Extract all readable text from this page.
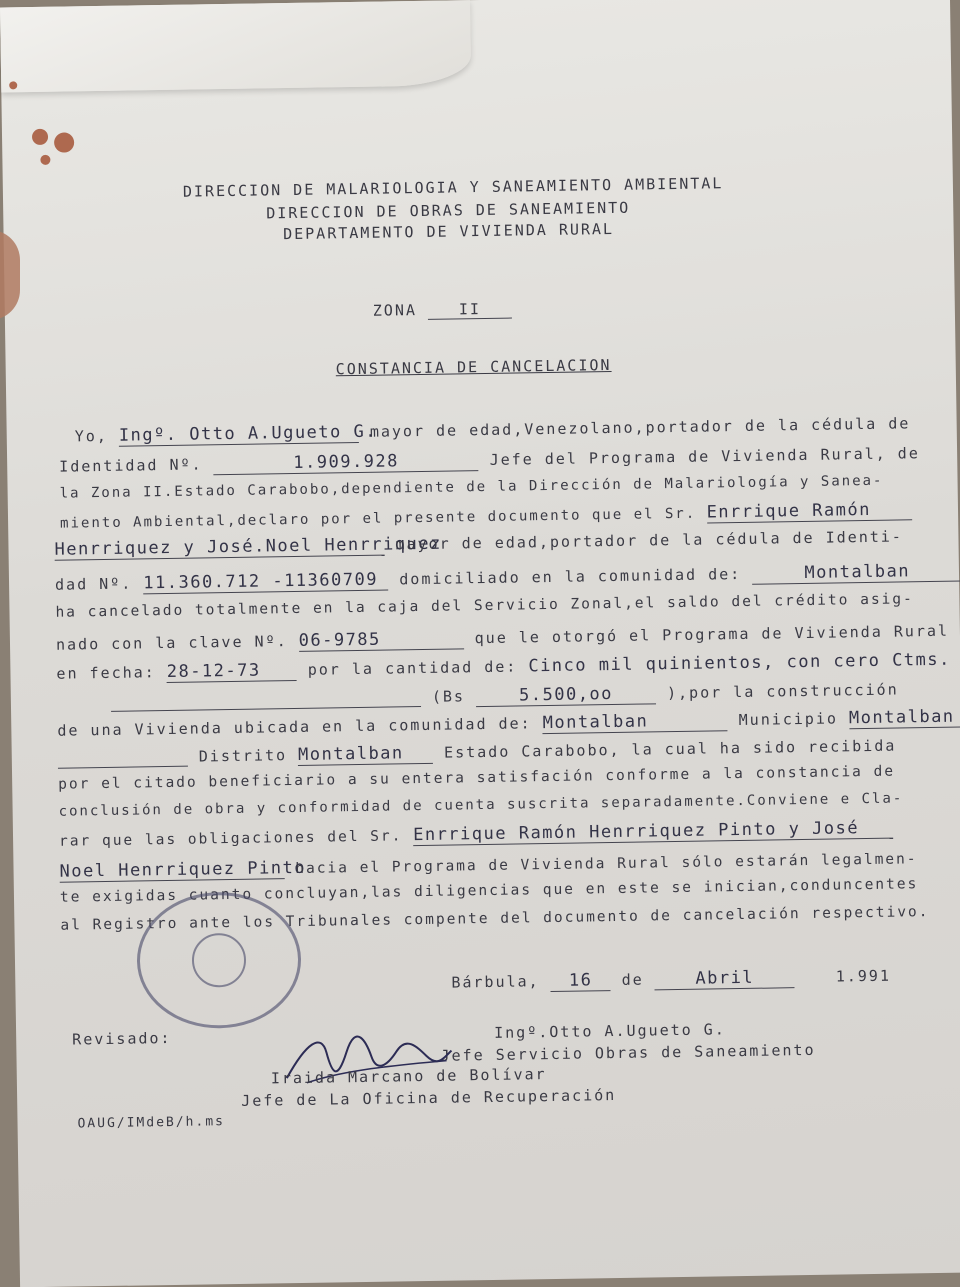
DIRECCION DE MALARIOLOGIA Y SANEAMIENTO AMBIENTAL
DIRECCION DE OBRAS DE SANEAMIENTO
DEPARTAMENTO DE VIVIENDA RURAL
ZONA	II
CONSTANCIA DE CANCELACION
Yo, Ingº. Otto A.Ugueto G. mayor de edad,Venezolano,portador de la cédula de
Identidad Nº.	1.909.928	Jefe del Programa de Vivienda Rural, de
la Zona II.Estado Carabobo,dependiente de la Dirección de Malariología y Sanea-
miento Ambiental,declaro por el presente documento que el Sr. Enrrique Ramón
Henrriquez y José.Noel Henrriquez mayor de edad,portador de la cédula de Identi-
dad Nº. 11.360.712 -11360709 domiciliado en la comunidad de:	Montalban
ha cancelado totalmente en la caja del Servicio Zonal,el saldo del crédito asig-
nado con la clave Nº. 06-9785	que le otorgó el Programa de Vivienda Rural
en fecha: 28-12-73	por la cantidad de: Cinco mil quinientos, con cero Ctms.
(Bs	5.500,oo	),por la construcción
de una Vivienda ubicada en la comunidad de: Montalban	Municipio Montalban
Distrito Montalban	Estado Carabobo, la cual ha sido recibida
por el citado beneficiario a su entera satisfación conforme a la constancia de
conclusión de obra y conformidad de cuenta suscrita separadamente.Conviene e Cla-
rar que las obligaciones del Sr. Enrrique Ramón Henrriquez Pinto y José
Noel Henrriquez Pinto hacia el Programa de Vivienda Rural sólo estarán legalmen-
te exigidas cuanto concluyan,las diligencias que en este se inician,conduncentes
al Registro ante los Tribunales compente del documento de cancelación respectivo.
Bárbula, 16 de	Abril	1.991
Revisado:	Ingº.Otto A.Ugueto G.
Jefe Servicio Obras de Saneamiento
Iraida Marcano de Bolívar
Jefe de La Oficina de Recuperación
OAUG/IMdeB/h.ms
